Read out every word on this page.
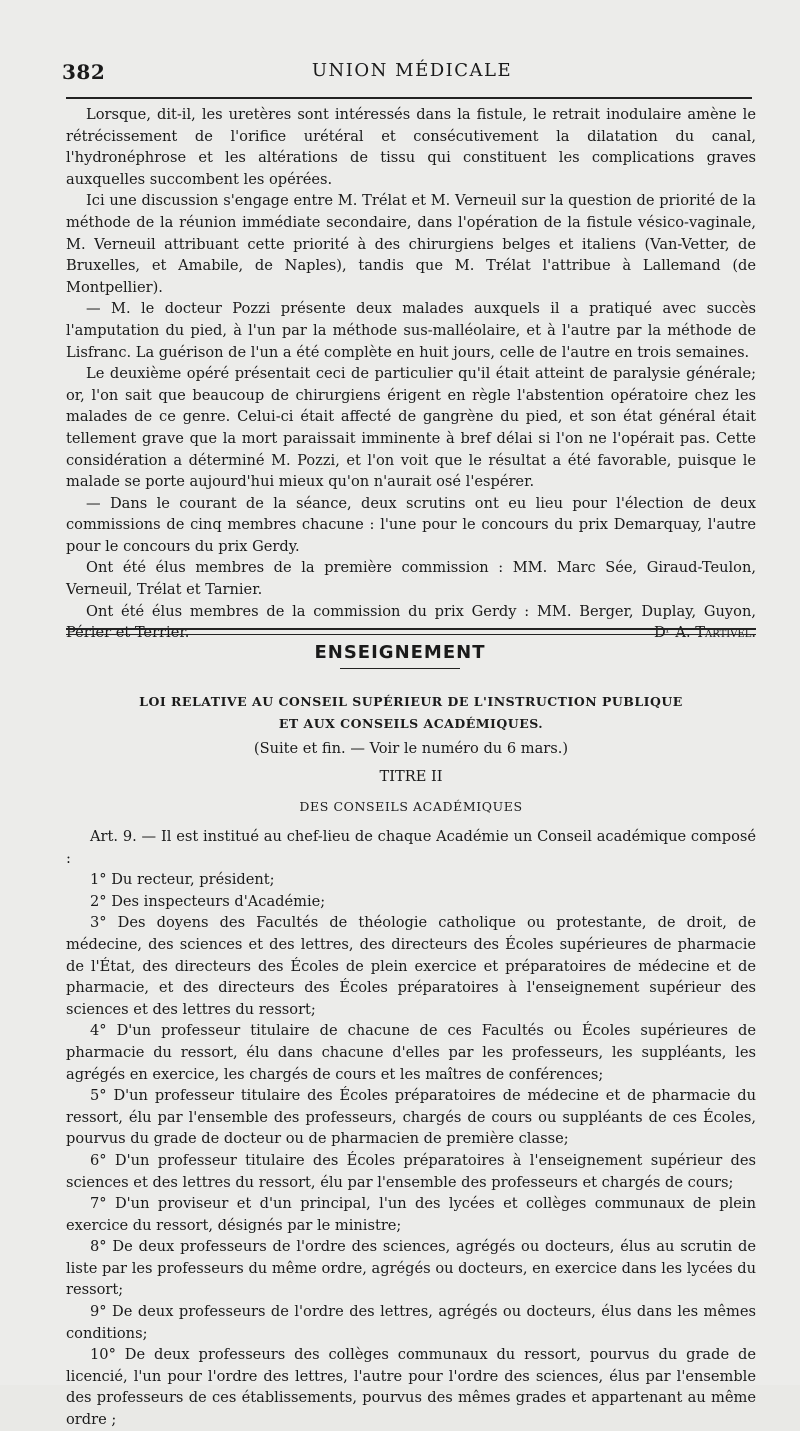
382	UNION MÉDICALE

Lorsque, dit-il, les uretères sont intéressés dans la fistule, le retrait inodulaire amène le rétrécissement de l'orifice urétéral et consécutivement la dilatation du canal, l'hydronéphrose et les altérations de tissu qui constituent les complications graves auxquelles succombent les opérées.

Ici une discussion s'engage entre M. Trélat et M. Verneuil sur la question de priorité de la méthode de la réunion immédiate secondaire, dans l'opération de la fistule vésico-vaginale, M. Verneuil attribuant cette priorité à des chirurgiens belges et italiens (Van-Vetter, de Bruxelles, et Amabile, de Naples), tandis que M. Trélat l'attribue à Lallemand (de Montpellier).

— M. le docteur Pozzi présente deux malades auxquels il a pratiqué avec succès l'amputation du pied, à l'un par la méthode sus-malléolaire, et à l'autre par la méthode de Lisfranc. La guérison de l'un a été complète en huit jours, celle de l'autre en trois semaines.

Le deuxième opéré présentait ceci de particulier qu'il était atteint de paralysie générale; or, l'on sait que beaucoup de chirurgiens érigent en règle l'abstention opératoire chez les malades de ce genre. Celui-ci était affecté de gangrène du pied, et son état général était tellement grave que la mort paraissait imminente à bref délai si l'on ne l'opérait pas. Cette considération a déterminé M. Pozzi, et l'on voit que le résultat a été favorable, puisque le malade se porte aujourd'hui mieux qu'on n'aurait osé l'espérer.

— Dans le courant de la séance, deux scrutins ont eu lieu pour l'élection de deux commissions de cinq membres chacune : l'une pour le concours du prix Demarquay, l'autre pour le concours du prix Gerdy.

Ont été élus membres de la première commission : MM. Marc Sée, Giraud-Teulon, Verneuil, Trélat et Tarnier.

Ont été élus membres de la commission du prix Gerdy : MM. Berger, Duplay, Guyon, Périer et Terrier.	Dʳ A. Tartivel.
ENSEIGNEMENT
LOI RELATIVE AU CONSEIL SUPÉRIEUR DE L'INSTRUCTION PUBLIQUE
ET AUX CONSEILS ACADÉMIQUES.
(Suite et fin. — Voir le numéro du 6 mars.)
TITRE II
DES CONSEILS ACADÉMIQUES

Art. 9. — Il est institué au chef-lieu de chaque Académie un Conseil académique composé :

1° Du recteur, président;

2° Des inspecteurs d'Académie;

3° Des doyens des Facultés de théologie catholique ou protestante, de droit, de médecine, des sciences et des lettres, des directeurs des Écoles supérieures de pharmacie de l'État, des directeurs des Écoles de plein exercice et préparatoires de médecine et de pharmacie, et des directeurs des Écoles préparatoires à l'enseignement supérieur des sciences et des lettres du ressort;

4° D'un professeur titulaire de chacune de ces Facultés ou Écoles supérieures de pharmacie du ressort, élu dans chacune d'elles par les professeurs, les suppléants, les agrégés en exercice, les chargés de cours et les maîtres de conférences;

5° D'un professeur titulaire des Écoles préparatoires de médecine et de pharmacie du ressort, élu par l'ensemble des professeurs, chargés de cours ou suppléants de ces Écoles, pourvus du grade de docteur ou de pharmacien de première classe;

6° D'un professeur titulaire des Écoles préparatoires à l'enseignement supérieur des sciences et des lettres du ressort, élu par l'ensemble des professeurs et chargés de cours;

7° D'un proviseur et d'un principal, l'un des lycées et collèges communaux de plein exercice du ressort, désignés par le ministre;

8° De deux professeurs de l'ordre des sciences, agrégés ou docteurs, élus au scrutin de liste par les professeurs du même ordre, agrégés ou docteurs, en exercice dans les lycées du ressort;

9° De deux professeurs de l'ordre des lettres, agrégés ou docteurs, élus dans les mêmes conditions;

10° De deux professeurs des collèges communaux du ressort, pourvus du grade de licencié, l'un pour l'ordre des lettres, l'autre pour l'ordre des sciences, élus par l'ensemble des professeurs de ces établissements, pourvus des mêmes grades et appartenant au même ordre ;
